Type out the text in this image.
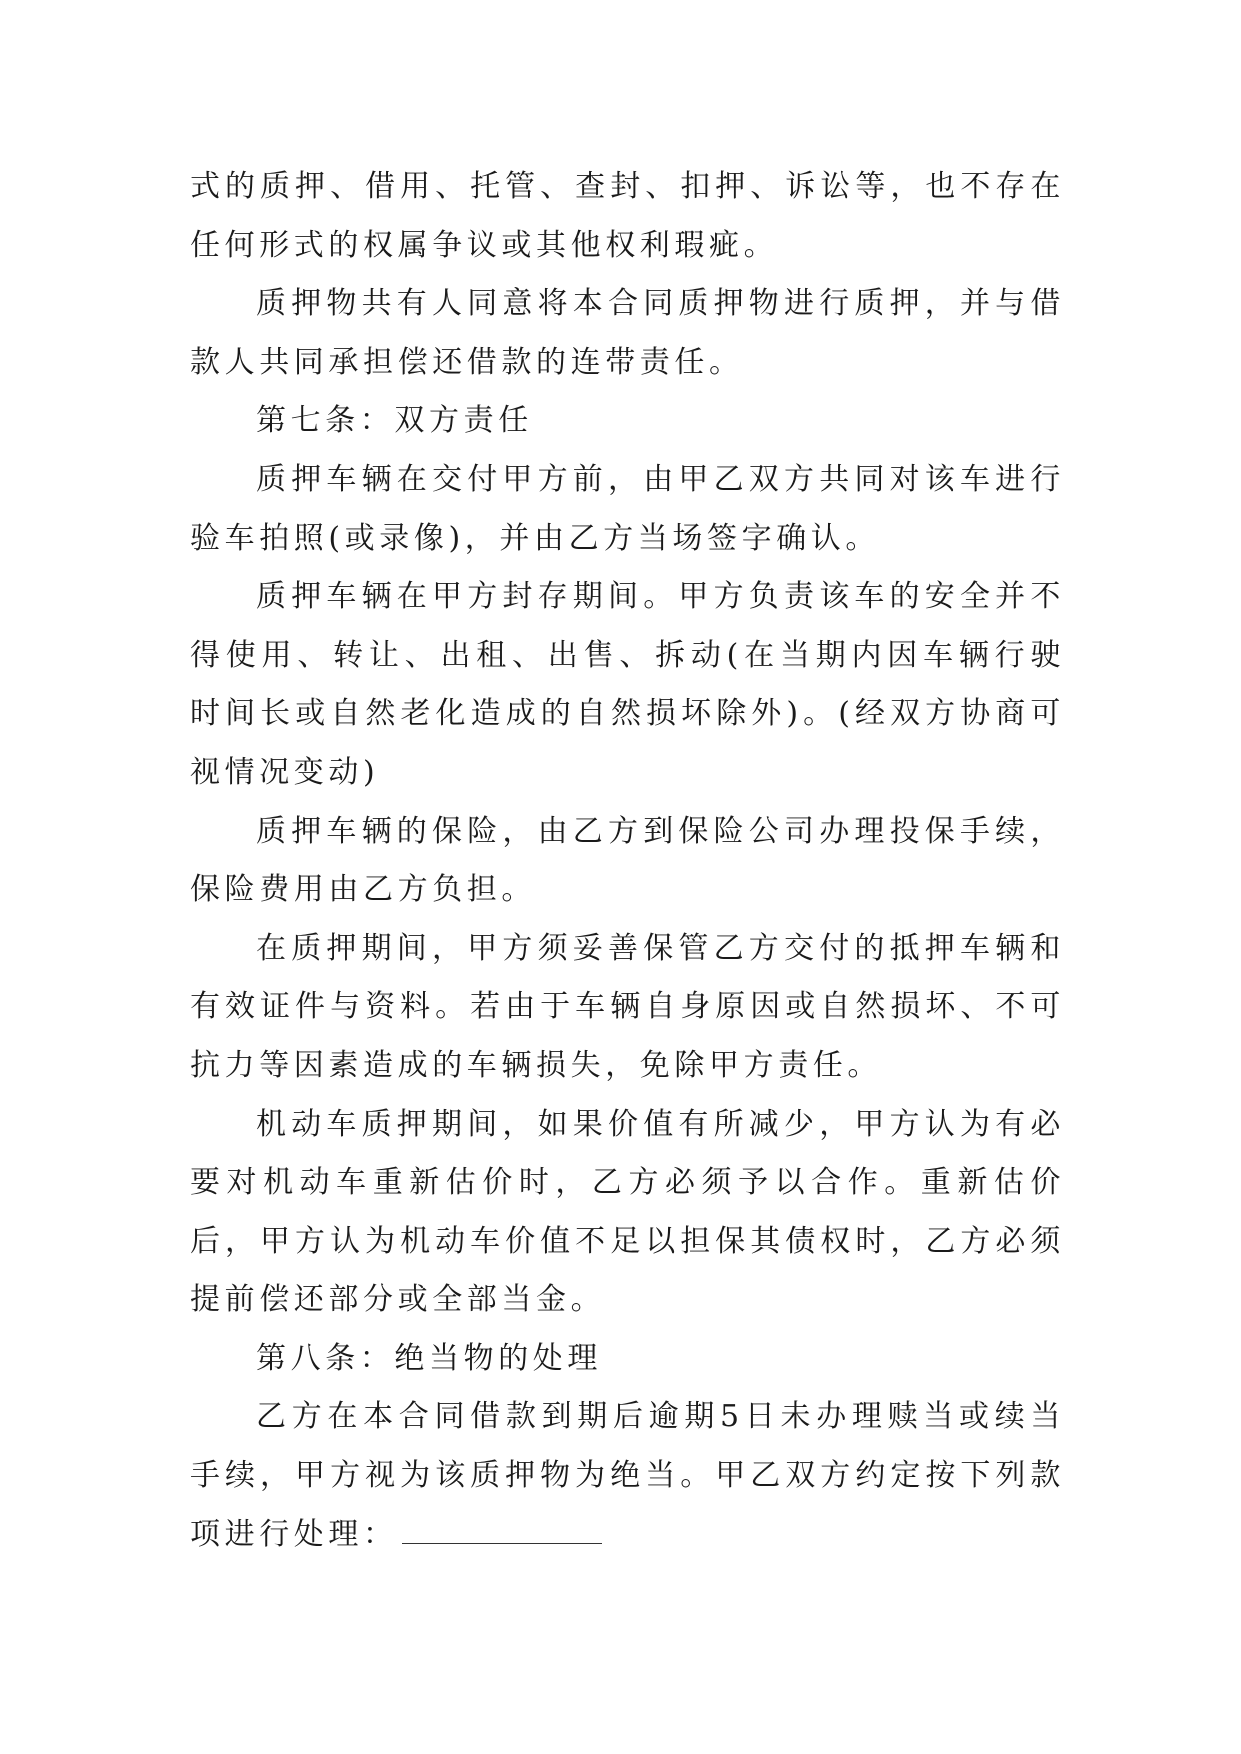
式的质押、借用、托管、查封、扣押、诉讼等，也不存在任何形式的权属争议或其他权利瑕疵。

质押物共有人同意将本合同质押物进行质押，并与借款人共同承担偿还借款的连带责任。

第七条：双方责任

质押车辆在交付甲方前，由甲乙双方共同对该车进行验车拍照(或录像)，并由乙方当场签字确认。

质押车辆在甲方封存期间。甲方负责该车的安全并不得使用、转让、出租、出售、拆动(在当期内因车辆行驶时间长或自然老化造成的自然损坏除外)。(经双方协商可视情况变动)

质押车辆的保险，由乙方到保险公司办理投保手续，保险费用由乙方负担。

在质押期间，甲方须妥善保管乙方交付的抵押车辆和有效证件与资料。若由于车辆自身原因或自然损坏、不可抗力等因素造成的车辆损失，免除甲方责任。

机动车质押期间，如果价值有所减少，甲方认为有必要对机动车重新估价时，乙方必须予以合作。重新估价后，甲方认为机动车价值不足以担保其债权时，乙方必须提前偿还部分或全部当金。

第八条：绝当物的处理

乙方在本合同借款到期后逾期5日未办理赎当或续当手续，甲方视为该质押物为绝当。甲乙双方约定按下列款项进行处理：
